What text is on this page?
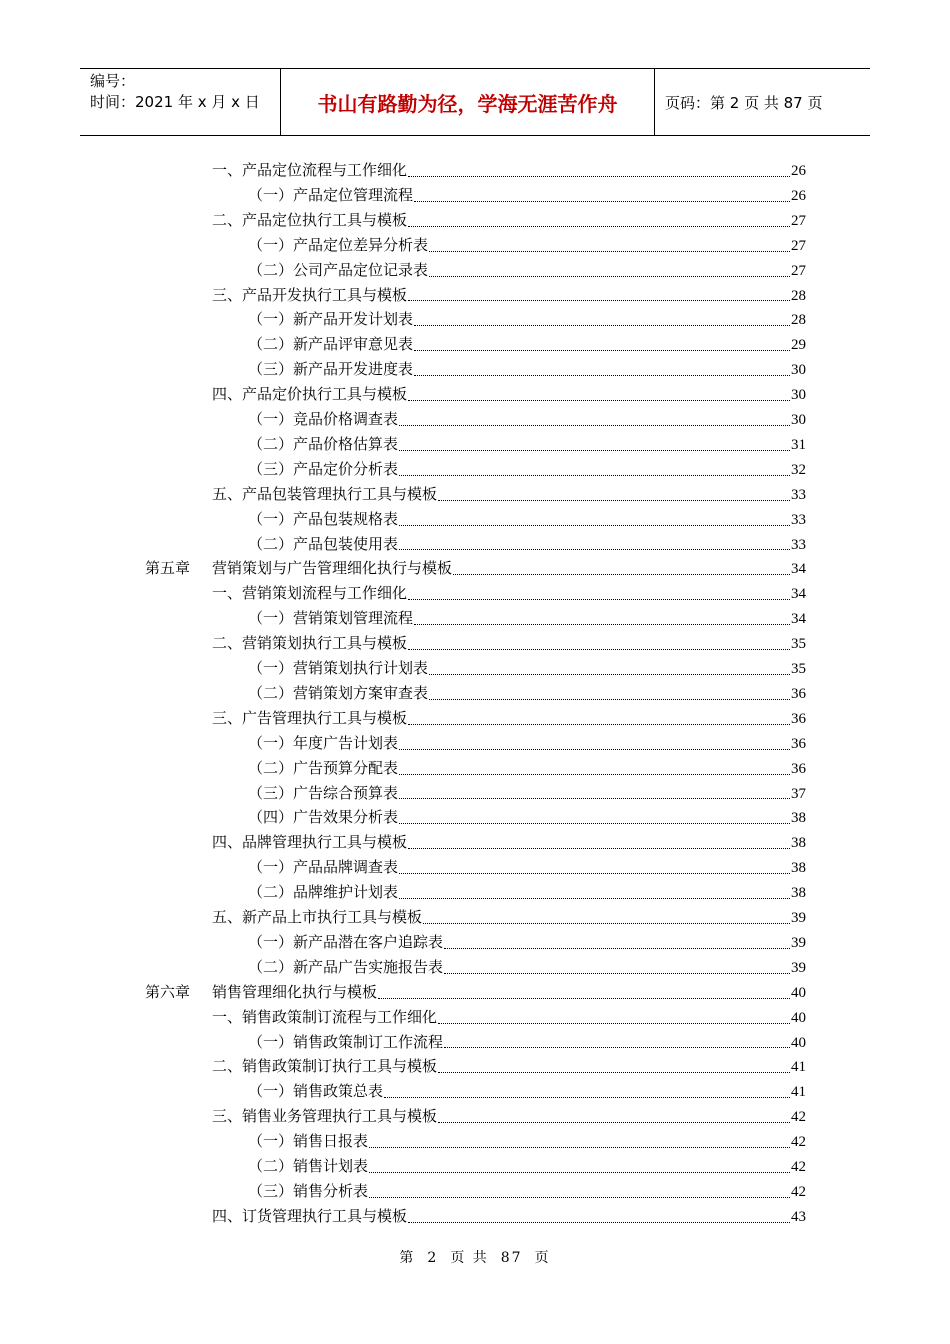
编号：
时间：2021 年 x 月 x 日	书山有路勤为径，学海无涯苦作舟	页码：第 2 页 共 87 页
一、产品定位流程与工作细化	26
（一）产品定位管理流程	26
二、产品定位执行工具与模板	27
（一）产品定位差异分析表	27
（二）公司产品定位记录表	27
三、产品开发执行工具与模板	28
（一）新产品开发计划表	28
（二）新产品评审意见表	29
（三）新产品开发进度表	30
四、产品定价执行工具与模板	30
（一）竞品价格调查表	30
（二）产品价格估算表	31
（三）产品定价分析表	32
五、产品包装管理执行工具与模板	33
（一）产品包装规格表	33
（二）产品包装使用表	33
第五章	营销策划与广告管理细化执行与模板	34
一、营销策划流程与工作细化	34
（一）营销策划管理流程	34
二、营销策划执行工具与模板	35
（一）营销策划执行计划表	35
（二）营销策划方案审查表	36
三、广告管理执行工具与模板	36
（一）年度广告计划表	36
（二）广告预算分配表	36
（三）广告综合预算表	37
（四）广告效果分析表	38
四、品牌管理执行工具与模板	38
（一）产品品牌调查表	38
（二）品牌维护计划表	38
五、新产品上市执行工具与模板	39
（一）新产品潜在客户追踪表	39
（二）新产品广告实施报告表	39
第六章	销售管理细化执行与模板	40
一、销售政策制订流程与工作细化	40
（一）销售政策制订工作流程	40
二、销售政策制订执行工具与模板	41
（一）销售政策总表	41
三、销售业务管理执行工具与模板	42
（一）销售日报表	42
（二）销售计划表	42
（三）销售分析表	42
四、订货管理执行工具与模板	43
第 2 页 共 87 页
